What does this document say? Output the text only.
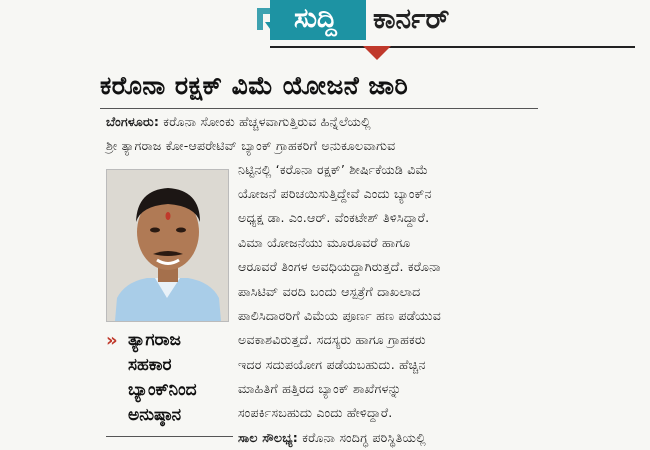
ಸುದ್ದಿ ಕಾರ್ನರ್
ಕರೊನಾ ರಕ್ಷಕ್ ವಿಮೆ ಯೋಜನೆ ಜಾರಿ
ಬೆಂಗಳೂರು: ಕರೊನಾ ಸೋಂಕು ಹೆಚ್ಚಳವಾಗುತ್ತಿರುವ ಹಿನ್ನೆಲೆಯಲ್ಲಿ
ಶ್ರೀ ತ್ಯಾಗರಾಜ ಕೋ-ಆಪರೇಟಿವ್ ಬ್ಯಾಂಕ್ ಗ್ರಾಹಕರಿಗೆ ಅನುಕೂಲವಾಗುವ
ನಿಟ್ಟಿನಲ್ಲಿ ‘ಕರೊನಾ ರಕ್ಷಕ್’ ಶೀರ್ಷಿಕೆಯಡಿ ವಿಮೆ
ಯೋಜನೆ ಪರಿಚಯಿಸುತ್ತಿದ್ದೇವೆ ಎಂದು ಬ್ಯಾಂಕ್‌ನ
ಅಧ್ಯಕ್ಷ ಡಾ. ಎಂ.ಆರ್. ವೆಂಕಟೇಶ್ ತಿಳಿಸಿದ್ದಾರೆ.
ವಿಮಾ ಯೋಜನೆಯು ಮೂರೂವರೆ ಹಾಗೂ
ಆರೂವರೆ ತಿಂಗಳ ಅವಧಿಯದ್ದಾಗಿರುತ್ತದೆ. ಕರೊನಾ
ಪಾಸಿಟಿವ್ ವರದಿ ಬಂದು ಆಸ್ಪತ್ರೆಗೆ ದಾಖಲಾದ
ಪಾಲಿಸಿದಾರರಿಗೆ ವಿಮೆಯ ಪೂರ್ಣ ಹಣ ಪಡೆಯುವ
ಅವಕಾಶವಿರುತ್ತದೆ. ಸದಸ್ಯರು ಹಾಗೂ ಗ್ರಾಹಕರು
ಇದರ ಸದುಪಯೋಗ ಪಡೆಯಬಹುದು. ಹೆಚ್ಚಿನ
ಮಾಹಿತಿಗೆ ಹತ್ತಿರದ ಬ್ಯಾಂಕ್ ಶಾಖೆಗಳನ್ನು
ಸಂಪರ್ಕಿಸಬಹುದು ಎಂದು ಹೇಳಿದ್ದಾರೆ.
ಸಾಲ ಸೌಲಭ್ಯ: ಕರೊನಾ ಸಂದಿಗ್ಧ ಪರಿಸ್ಥಿತಿಯಲ್ಲಿ
» ತ್ಯಾಗರಾಜ
ಸಹಕಾರ
ಬ್ಯಾಂಕ್‌ನಿಂದ
ಅನುಷ್ಠಾನ
